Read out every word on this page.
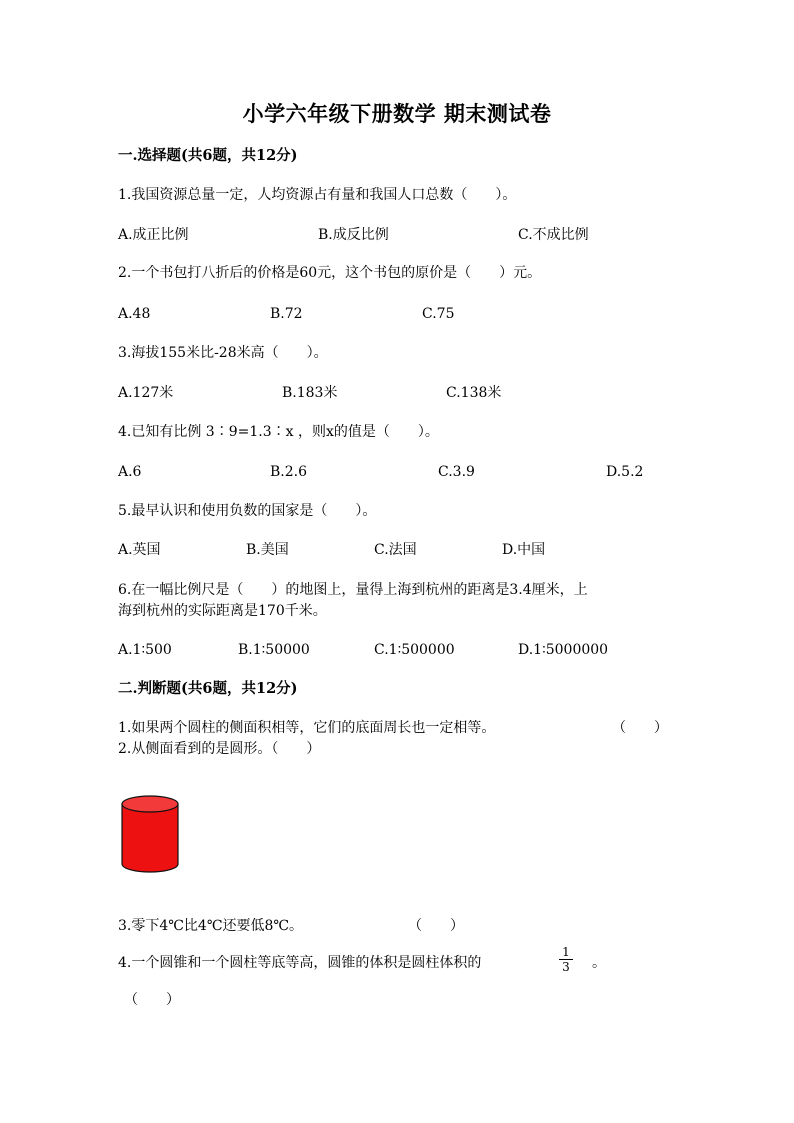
小学六年级下册数学 期末测试卷
一.选择题(共6题，共12分)
1.我国资源总量一定，人均资源占有量和我国人口总数（　　）。
A.成正比例	B.成反比例	C.不成比例
2.一个书包打八折后的价格是60元，这个书包的原价是（　　）元。
A.48	B.72	C.75
3.海拔155米比-28米高（　　）。
A.127米	B.183米	C.138米
4.已知有比例 3∶9=1.3∶x ，则x的值是（　　）。
A.6	B.2.6	C.3.9	D.5.2
5.最早认识和使用负数的国家是（　　）。
A.英国	B.美国	C.法国	D.中国
6.在一幅比例尺是（　　）的地图上，量得上海到杭州的距离是3.4厘米，上
海到杭州的实际距离是170千米。
A.1∶500	B.1∶50000	C.1∶500000	D.1∶5000000
二.判断题(共6题，共12分)
1.如果两个圆柱的侧面积相等，它们的底面周长也一定相等。	（　　）
2.从侧面看到的是圆形。（　　）
3.零下4℃比4℃还要低8℃。	（　　）
4.一个圆锥和一个圆柱等底等高，圆锥的体积是圆柱体积的
1
3 。
（　　）
